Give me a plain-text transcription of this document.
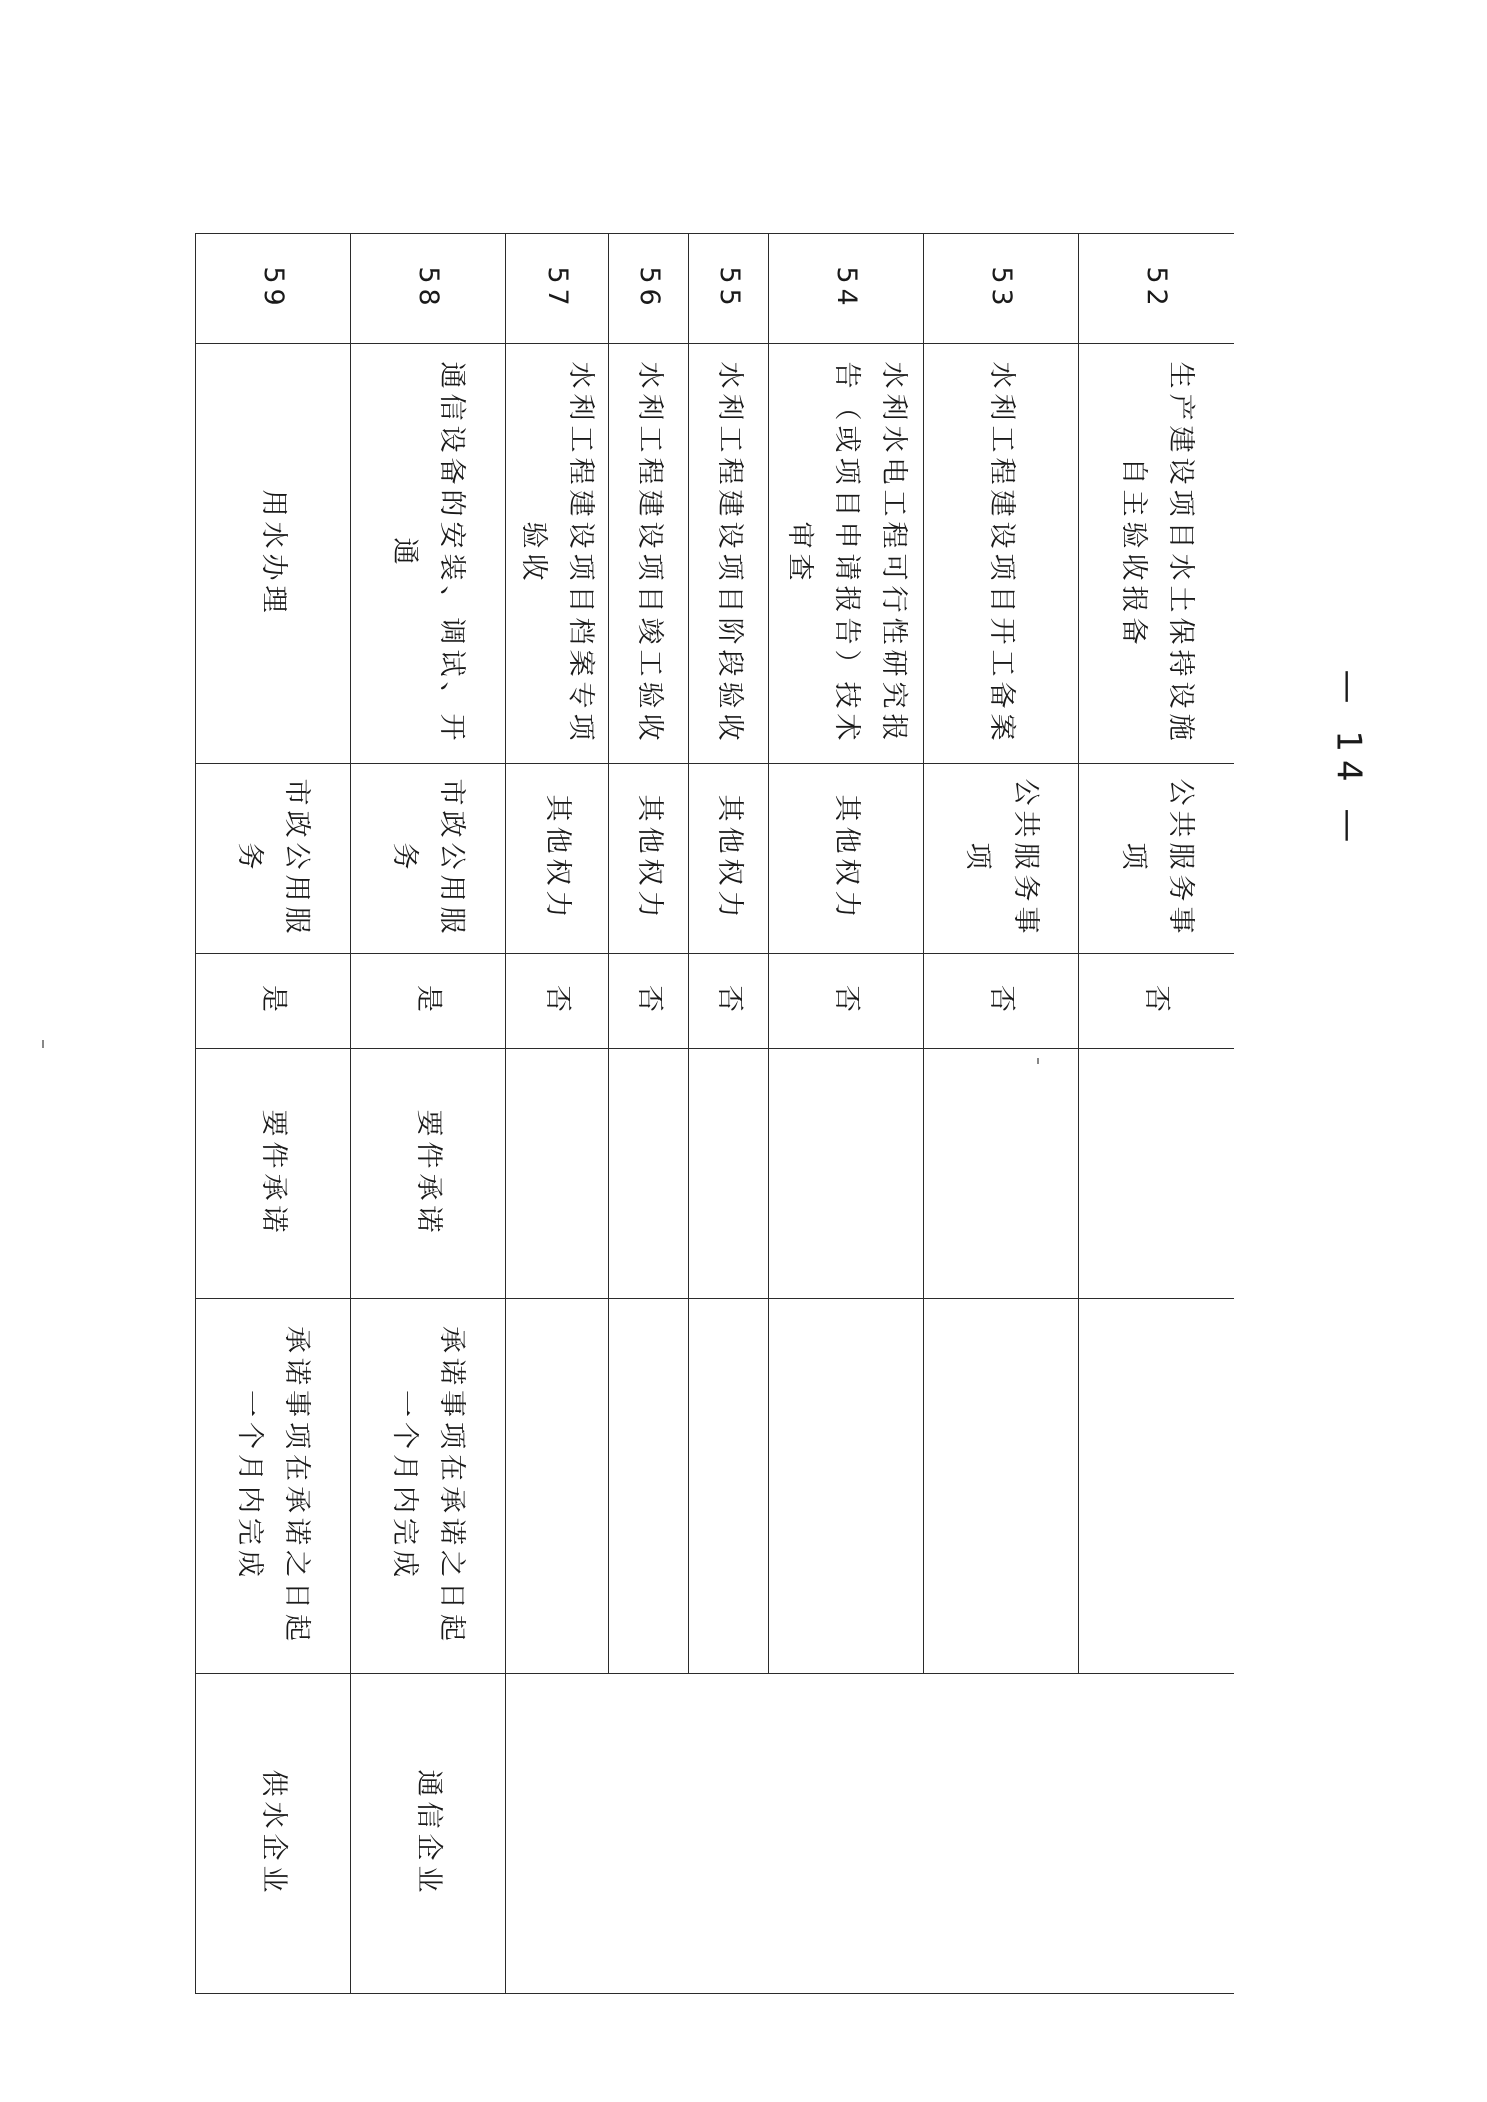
52	生产建设项目水土保持设施自主验收报备	公共服务事项	否			
53	水利工程建设项目开工备案	公共服务事项	否			
54	水利水电工程可行性研究报告（或项目申请报告）技术审查	其他权力	否			
55	水利工程建设项目阶段验收	其他权力	否			
56	水利工程建设项目竣工验收	其他权力	否			
57	水利工程建设项目档案专项验收	其他权力	否			
58	通信设备的安装、调试、开通	市政公用服务	是	要件承诺	承诺事项在承诺之日起一个月内完成	通信企业
59	用水办理	市政公用服务	是	要件承诺	承诺事项在承诺之日起一个月内完成	供水企业
— 14 —
